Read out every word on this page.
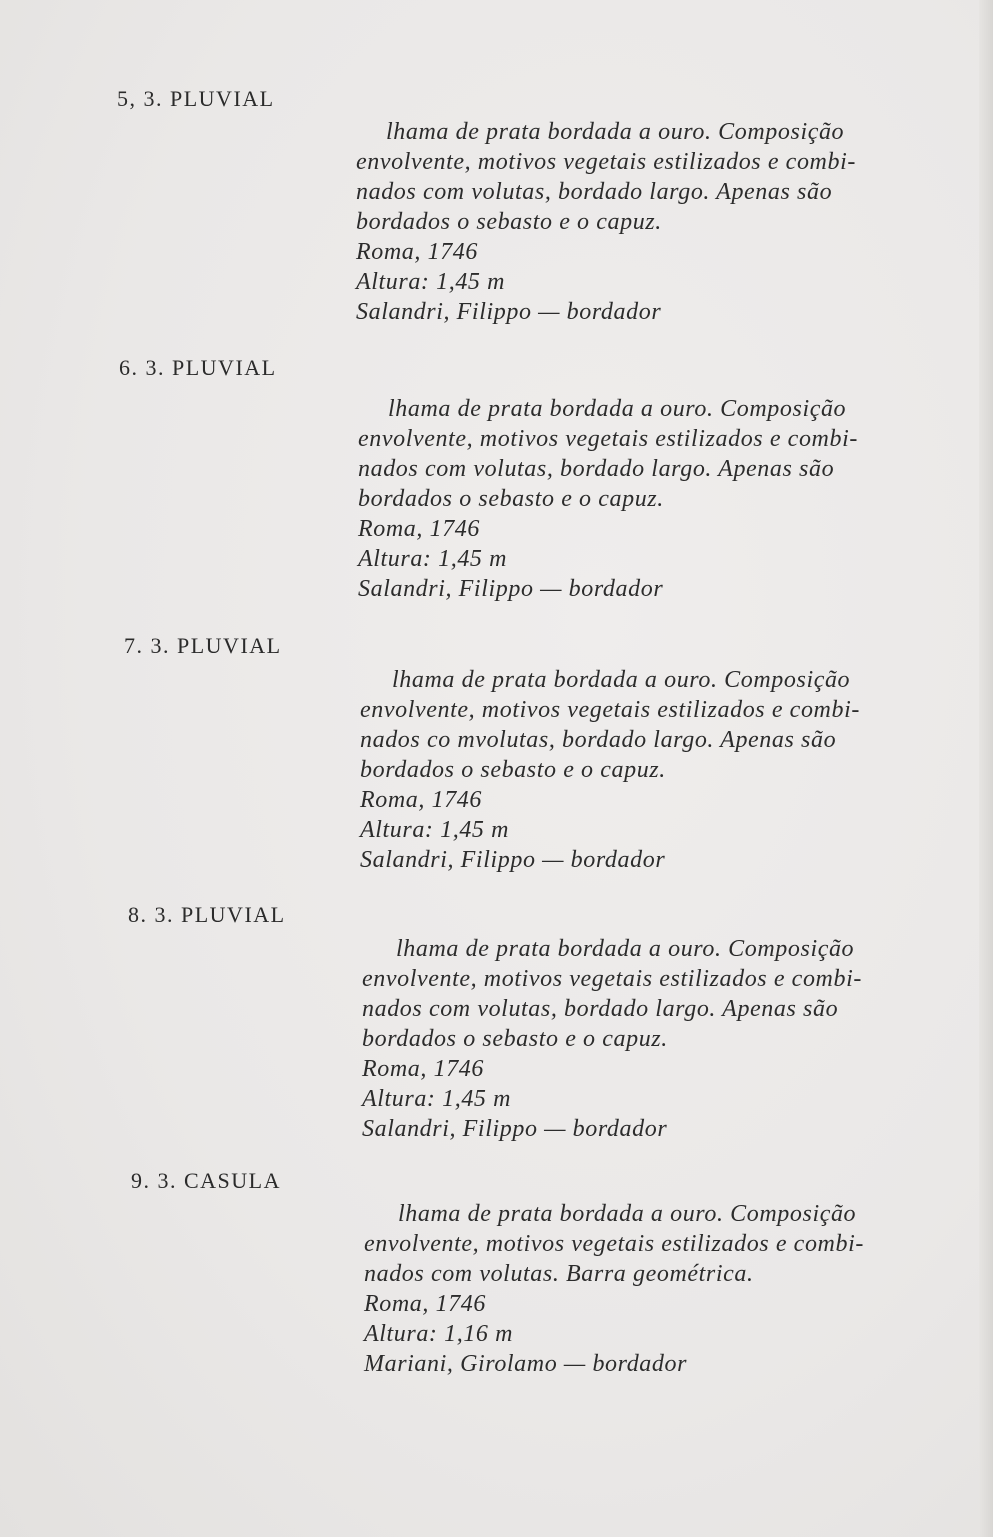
5, 3. PLUVIAL
lhama de prata bordada a ouro. Composição
envolvente, motivos vegetais estilizados e combi-
nados com volutas, bordado largo. Apenas são
bordados o sebasto e o capuz.
Roma, 1746
Altura: 1,45 m
Salandri, Filippo — bordador
6. 3. PLUVIAL
lhama de prata bordada a ouro. Composição
envolvente, motivos vegetais estilizados e combi-
nados com volutas, bordado largo. Apenas são
bordados o sebasto e o capuz.
Roma, 1746
Altura: 1,45 m
Salandri, Filippo — bordador
7. 3. PLUVIAL
lhama de prata bordada a ouro. Composição
envolvente, motivos vegetais estilizados e combi-
nados co mvolutas, bordado largo. Apenas são
bordados o sebasto e o capuz.
Roma, 1746
Altura: 1,45 m
Salandri, Filippo — bordador
8. 3. PLUVIAL
lhama de prata bordada a ouro. Composição
envolvente, motivos vegetais estilizados e combi-
nados com volutas, bordado largo. Apenas são
bordados o sebasto e o capuz.
Roma, 1746
Altura: 1,45 m
Salandri, Filippo — bordador
9. 3. CASULA
lhama de prata bordada a ouro. Composição
envolvente, motivos vegetais estilizados e combi-
nados com volutas. Barra geométrica.
Roma, 1746
Altura: 1,16 m
Mariani, Girolamo — bordador
